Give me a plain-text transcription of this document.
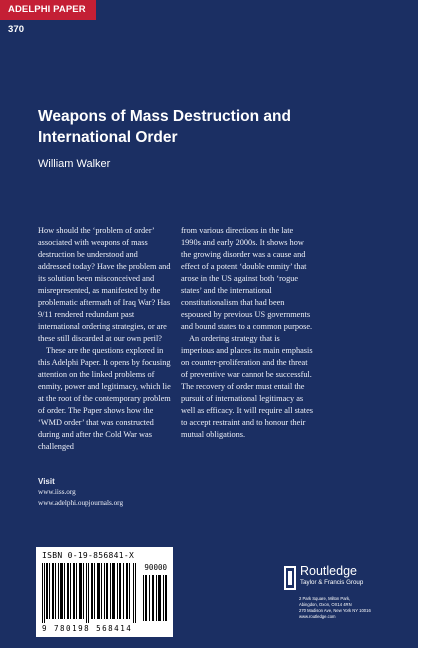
ADELPHI PAPER 370
Weapons of Mass Destruction and International Order
William Walker

How should the ‘problem of order’ associated with weapons of mass destruction be understood and addressed today? Have the problem and its solution been misconceived and misrepresented, as manifested by the problematic aftermath of Iraq War? Has 9/11 rendered redundant past international ordering strategies, or are these still discarded at our own peril?

These are the questions explored in this Adelphi Paper. It opens by focusing attention on the linked problems of enmity, power and legitimacy, which lie at the root of the contemporary problem of order. The Paper shows how the ‘WMD order’ that was constructed during and after the Cold War was challenged

from various directions in the late 1990s and early 2000s. It shows how the growing disorder was a cause and effect of a potent ‘double enmity’ that arose in the US against both ‘rogue states’ and the international constitutionalism that had been espoused by previous US governments and bound states to a common purpose.

An ordering strategy that is imperious and places its main emphasis on counter-proliferation and the threat of preventive war cannot be successful. The recovery of order must entail the pursuit of international legitimacy as well as efficacy. It will require all states to accept restraint and to honour their mutual obligations.

Visit
www.iiss.org
www.adelphi.oupjournals.org
ISBN 0-19-856841-X
90000
9 780198 568414
Routledge
Taylor & Francis Group
2 Park Square, Milton Park,
Abingdon, Oxon, OX14 4RN
270 Madison Ave, New York NY 10016
www.routledge.com
